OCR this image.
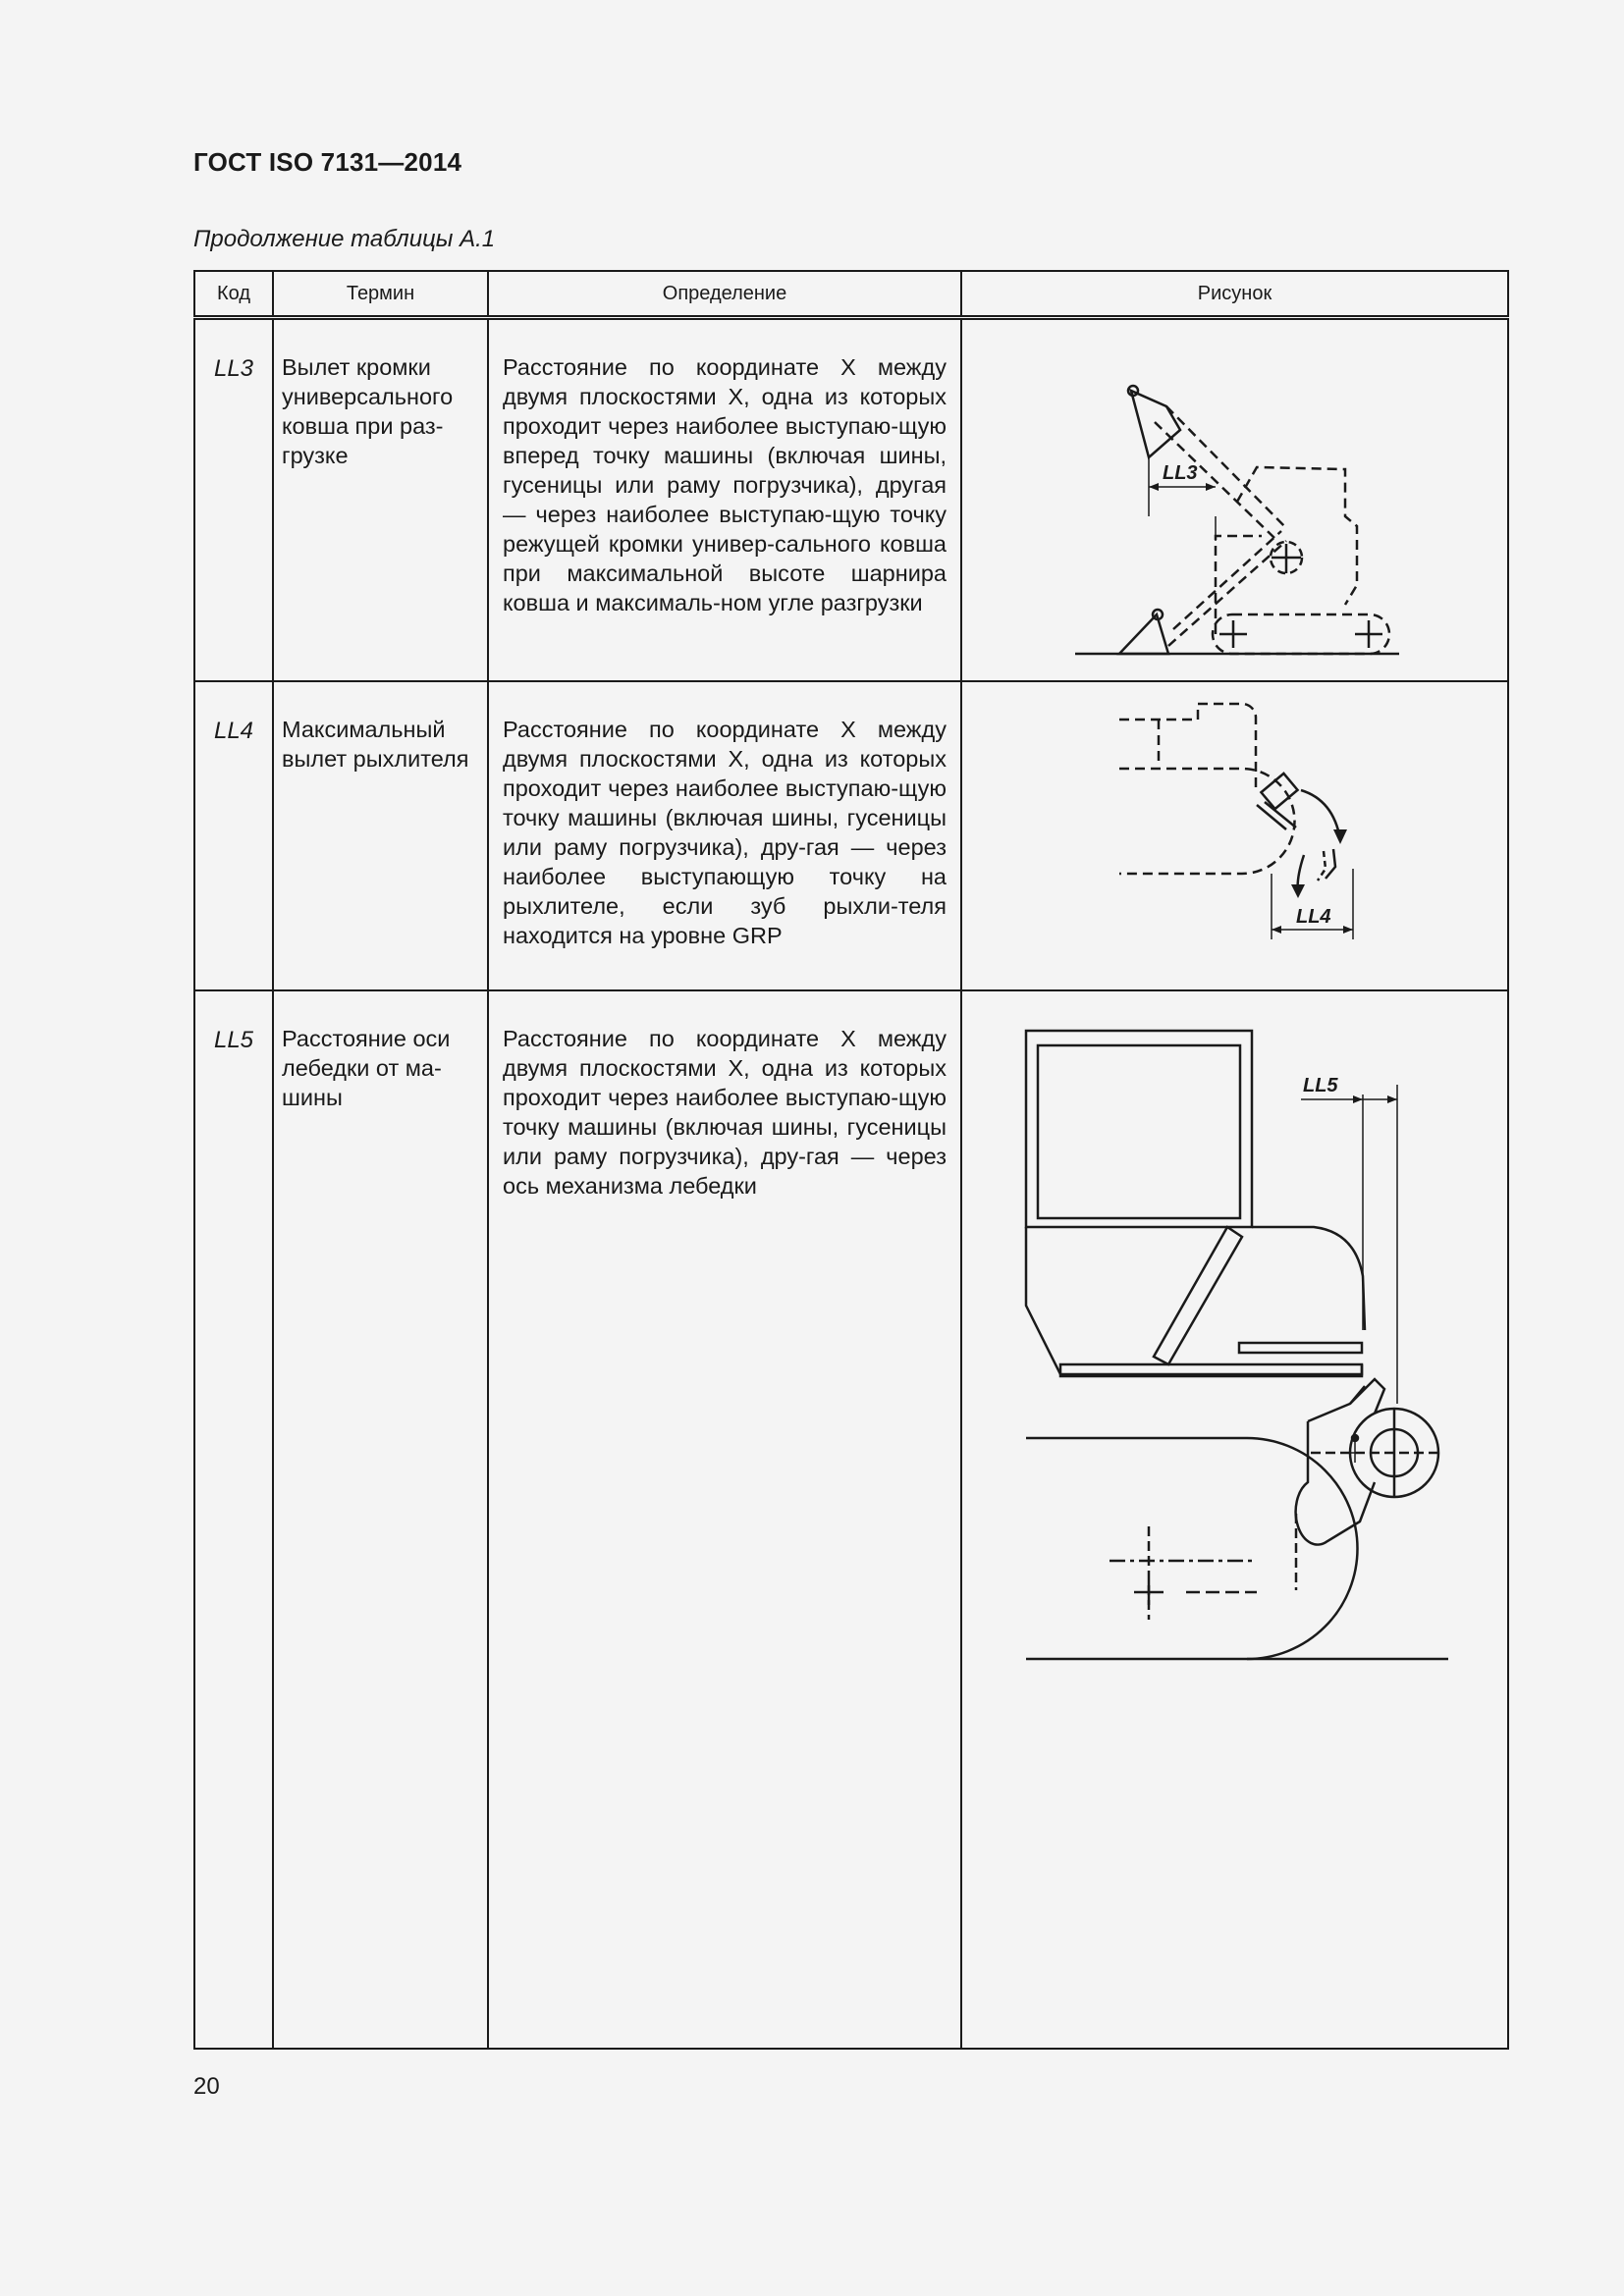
ГОСТ ISO 7131—2014
Продолжение таблицы А.1
Код	Термин	Определение	Рисунок
LL3	Вылет кромки универсального ковша при раз-грузке	Расстояние по координате X между двумя плоскостями X, одна из которых проходит через наиболее выступаю-щую вперед точку машины (включая шины, гусеницы или раму погрузчика), другая — через наиболее выступаю-щую точку режущей кромки универ-сального ковша при максимальной высоте шарнира ковша и максималь-ном угле разгрузки	LL3

LL4	Максимальный вылет рыхлителя	Расстояние по координате X между двумя плоскостями X, одна из которых проходит через наиболее выступаю-щую точку машины (включая шины, гусеницы или раму погрузчика), дру-гая — через наиболее выступающую точку на рыхлителе, если зуб рыхли-теля находится на уровне GRP	LL4

LL5	Расстояние оси лебедки от ма-шины	Расстояние по координате X между двумя плоскостями X, одна из которых проходит через наиболее выступаю-щую точку машины (включая шины, гусеницы или раму погрузчика), дру-гая — через ось механизма лебедки	LL5
20
